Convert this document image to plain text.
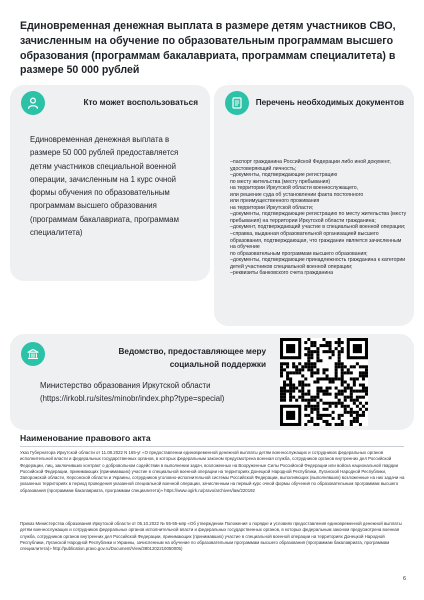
Единовременная денежная выплата в размере детям участников СВО, зачисленным на обучение по образовательным программам высшего образования (программам бакалавриата, программам специалитета) в размере 50 000 рублей
Кто может воспользоваться
Единовременная денежная выплата в размере 50 000 рублей предоставляется детям участников специальной военной операции, зачисленным на 1 курс очной формы обучения по образовательным программам высшего образования (программам бакалавриата, программам специалитета)
Перечень необходимых документов
–паспорт гражданина Российской Федерации либо иной документ, удостоверяющий личность;
–документы, подтверждающие регистрацию
по месту жительства (месту пребывания)
на территории Иркутской области военнослужащего,
или решение суда об установлении факта постоянного
или преимущественного проживания
на территории Иркутской области;
–документы, подтверждающие регистрацию по месту жительства (месту пребывания) на территории Иркутской области гражданина;
–документ, подтверждающий участие в специальной военной операции;
–справка, выданная образовательной организацией высшего образования, подтверждающая, что гражданин является зачисленным на обучение
по образовательным программам высшего образования;
–документы, подтверждающие принадлежность гражданина к категории детей участников специальной военной операции;
–реквизиты банковского счета гражданина
Ведомство, предоставляющее меру социальной поддержки
Министерство образования Иркутской области (https://irkobl.ru/sites/minobr/index.php?type=special)
Наименование правового акта
Указ Губернатора Иркутской области от 11.08.2022 N 165-уг «О предоставлении единовременной денежной выплаты детям военнослужащих и сотрудников федеральных органов исполнительной власти и федеральных государственных органов, в которых федеральным законом предусмотрена военная служба, сотрудников органов внутренних дел Российской Федерации, лиц, заключивших контракт о добровольном содействии в выполнении задач, возложенных на Вооруженные Силы Российской Федерации или войска национальной гвардии Российской Федерации, принимающих (принимавших) участие в специальной военной операции на территориях Донецкой Народной Республики, Луганской Народной Республики, Запорожской области, Херсонской области и Украины, сотрудников уголовно-исполнительной системы Российской Федерации, выполняющих (выполнявших) возложенные на них задачи на указанных территориях в период проведения указанной специальной военной операции, зачисленным на первый курс очной формы обучения по образовательным программам высшего образования (программам бакалавриата, программам специалитета)» https://www.ogirk.ru/pravo/archives/law/220192
Приказ Министерства образования Иркутской области от 05.10.2022 № 55-55-мпр «Об утверждении Положения о порядке и условиях предоставления единовременной денежной выплаты детям военнослужащих и сотрудников федеральных органов исполнительной власти и федеральных государственных органов, в которых федеральным законом предусмотрена военная служба, сотрудников органов внутренних дел Российской Федерации, принимающих (принимавших) участие в специальной военной операции на территориях Донецкой Народной Республики, Луганской Народной Республики и Украины, зачисленным на обучение по образовательным программам высшего образования (программам бакалавриата, программам специалитета)» http://publication.pravo.gov.ru/Document/View/3801202210050005)
6
